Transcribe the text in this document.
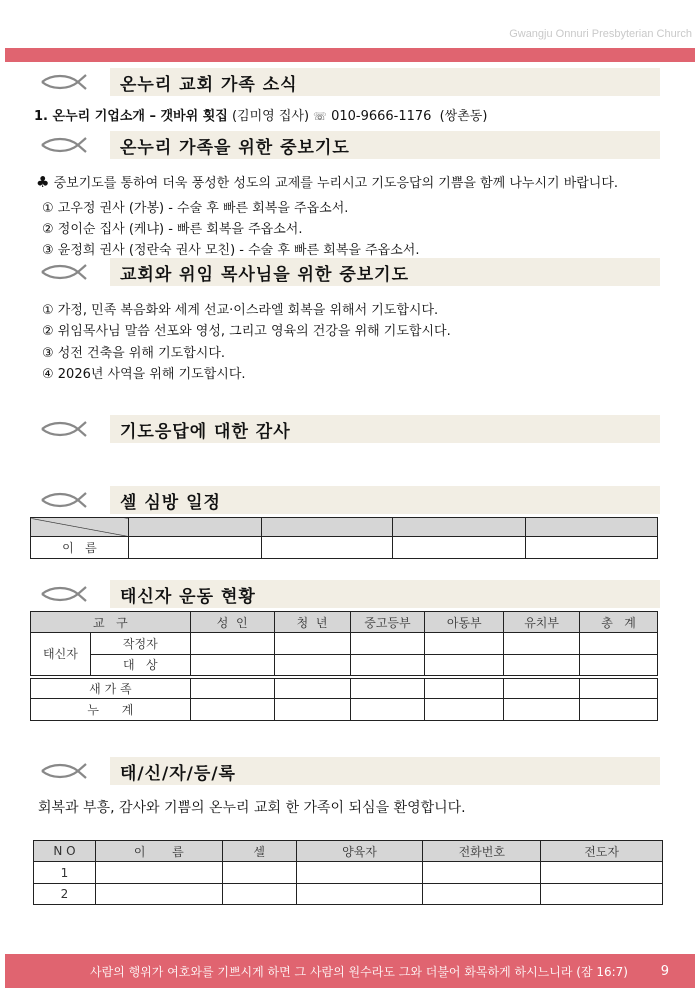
Gwangju Onnuri Presbyterian Church
온누리 교회 가족 소식
1. 온누리 기업소개 – 갯바위 횟집 (김미영 집사) ☏ 010-9666-1176 (쌍촌동)
온누리 가족을 위한 중보기도
♣ 중보기도를 통하여 더욱 풍성한 성도의 교제를 누리시고 기도응답의 기쁨을 함께 나누시기 바랍니다.
① 고우정 권사 (가봉) - 수술 후 빠른 회복을 주옵소서.
② 정이순 집사 (케냐) - 빠른 회복을 주옵소서.
③ 윤정희 권사 (정란숙 권사 모친) - 수술 후 빠른 회복을 주옵소서.
교회와 위임 목사님을 위한 중보기도
① 가정, 민족 복음화와 세계 선교·이스라엘 회복을 위해서 기도합시다.
② 위임목사님 말씀 선포와 영성, 그리고 영육의 건강을 위해 기도합시다.
③ 성전 건축을 위해 기도합시다.
④ 2026년 사역을 위해 기도합시다.
기도응답에 대한 감사
셀 심방 일정

이   름				
태신자 운동 현황
교   구		성  인	청  년	중고등부	아동부	유치부	총   계
태신자	작정자						
	대   상						
새 가 족							
누      계							
태/신/자/등/록
회복과 부흥, 감사와 기쁨의 온누리 교회 한 가족이 되심을 환영합니다.
N O	이       름	셀	양육자	전화번호	전도자
1					
2					
사람의 행위가 여호와를 기쁘시게 하면 그 사람의 원수라도 그와 더불어 화목하게 하시느니라 (잠 16:7)	9
